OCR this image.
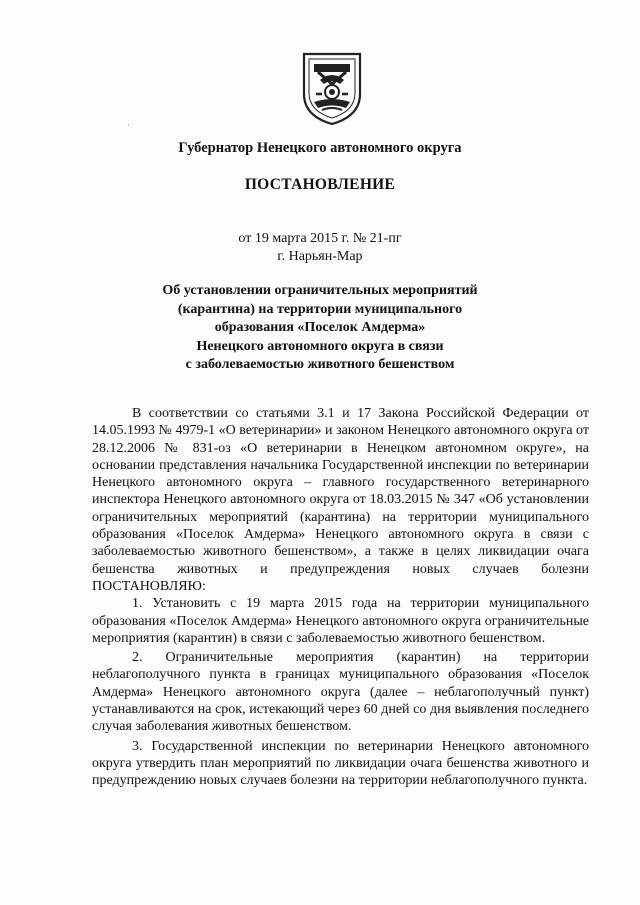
Губернатор Ненецкого автономного округа
ПОСТАНОВЛЕНИЕ
от 19 марта 2015 г. № 21-пг
г. Нарьян-Мар
Об установлении ограничительных мероприятий
(карантина) на территории муниципального
образования «Поселок Амдерма»
Ненецкого автономного округа в связи
с заболеваемостью животного бешенством

В соответствии со статьями 3.1 и 17 Закона Российской Федерации от 14.05.1993 № 4979-1 «О ветеринарии» и законом Ненецкого автономного округа от 28.12.2006 № 831-оз «О ветеринарии в Ненецком автономном округе», на основании представления начальника Государственной инспекции по ветеринарии Ненецкого автономного округа – главного государственного ветеринарного инспектора Ненецкого автономного округа от 18.03.2015 № 347 «Об установлении ограничительных мероприятий (карантина) на территории муниципального образования «Поселок Амдерма» Ненецкого автономного округа в связи с заболеваемостью животного бешенством», а также в целях ликвидации очага бешенства животных и предупреждения новых случаев болезни ПОСТАНОВЛЯЮ:

1. Установить с 19 марта 2015 года на территории муниципального образования «Поселок Амдерма» Ненецкого автономного округа ограничительные мероприятия (карантин) в связи с заболеваемостью животного бешенством.

2. Ограничительные мероприятия (карантин) на территории неблагополучного пункта в границах муниципального образования «Поселок Амдерма» Ненецкого автономного округа (далее – неблагополучный пункт) устанавливаются на срок, истекающий через 60 дней со дня выявления последнего случая заболевания животных бешенством.

3. Государственной инспекции по ветеринарии Ненецкого автономного округа утвердить план мероприятий по ликвидации очага бешенства животного и предупреждению новых случаев болезни на территории неблагополучного пункта.
